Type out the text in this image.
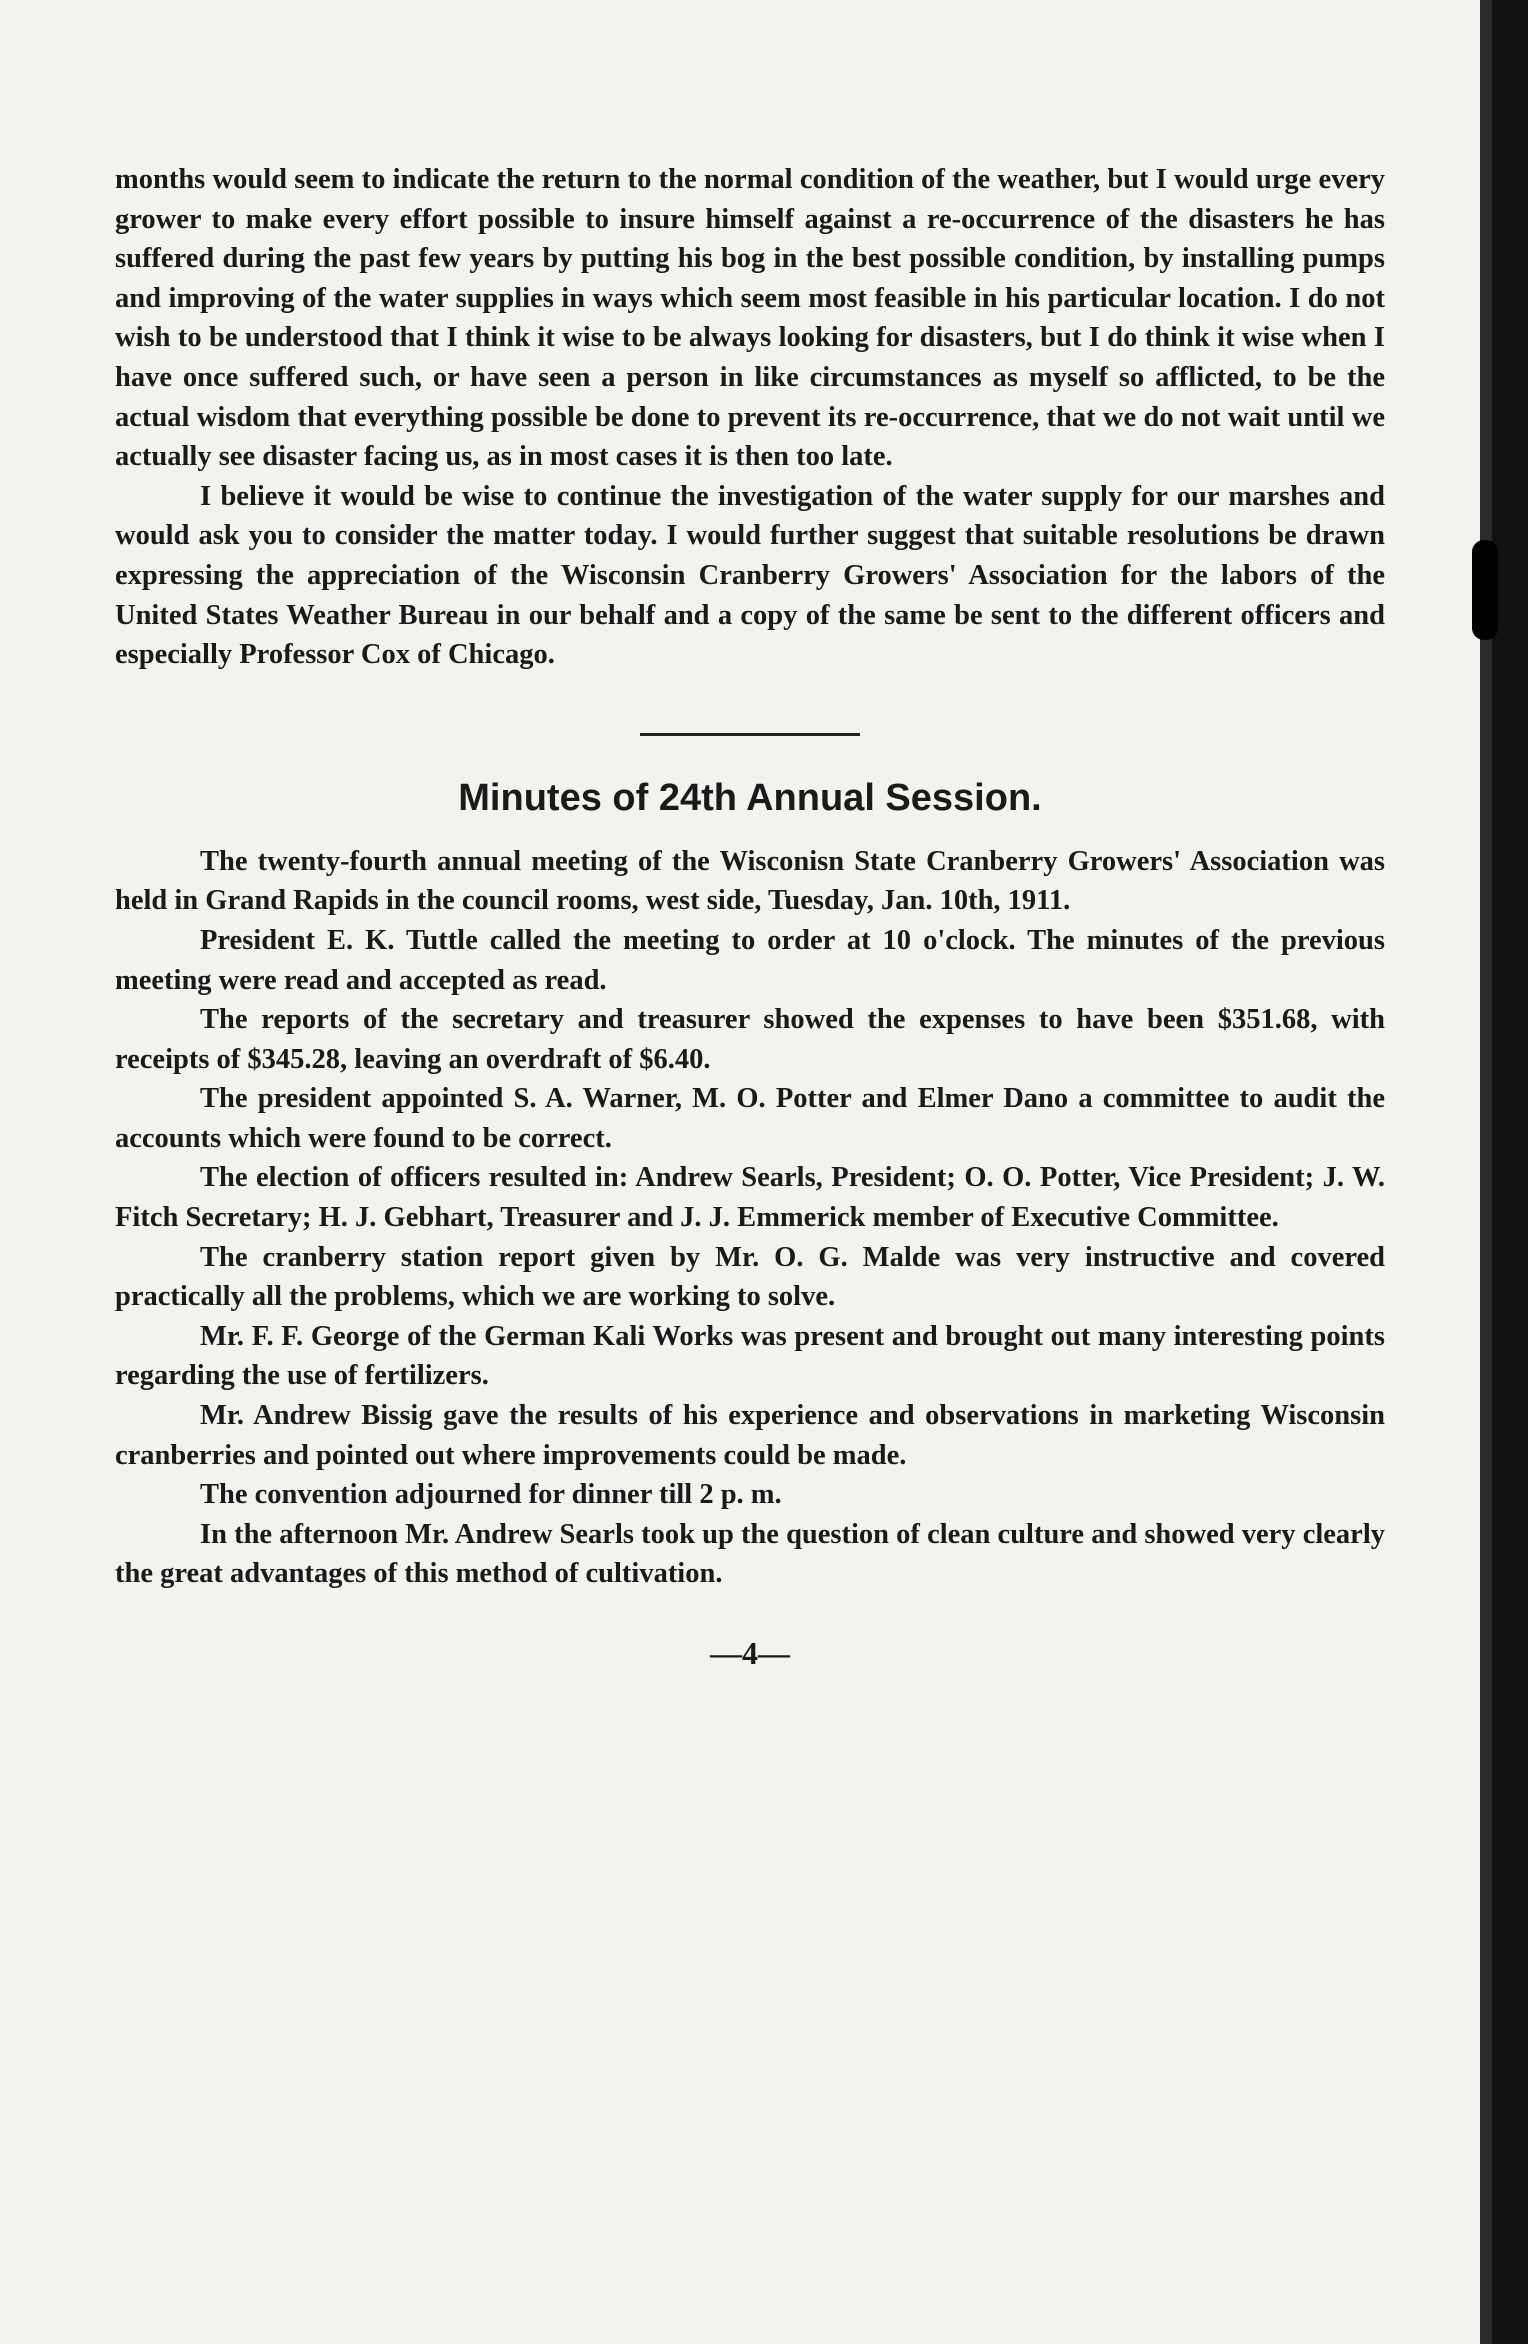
months would seem to indicate the return to the normal condition of the weather, but I would urge every grower to make every effort possible to insure himself against a re-occurrence of the disasters he has suffered during the past few years by putting his bog in the best possible condition, by installing pumps and improving of the water supplies in ways which seem most feasible in his particular location. I do not wish to be understood that I think it wise to be always looking for disasters, but I do think it wise when I have once suffered such, or have seen a person in like circumstances as myself so afflicted, to be the actual wisdom that everything possible be done to prevent its re-occurrence, that we do not wait until we actually see disaster facing us, as in most cases it is then too late.

I believe it would be wise to continue the investigation of the water supply for our marshes and would ask you to consider the matter today. I would further suggest that suitable resolutions be drawn expressing the appreciation of the Wisconsin Cranberry Growers' Association for the labors of the United States Weather Bureau in our behalf and a copy of the same be sent to the different officers and especially Professor Cox of Chicago.

Minutes of 24th Annual Session.

The twenty-fourth annual meeting of the Wisconisn State Cranberry Growers' Association was held in Grand Rapids in the council rooms, west side, Tuesday, Jan. 10th, 1911.

President E. K. Tuttle called the meeting to order at 10 o'clock. The minutes of the previous meeting were read and accepted as read.

The reports of the secretary and treasurer showed the expenses to have been $351.68, with receipts of $345.28, leaving an overdraft of $6.40.

The president appointed S. A. Warner, M. O. Potter and Elmer Dano a committee to audit the accounts which were found to be correct.

The election of officers resulted in: Andrew Searls, President; O. O. Potter, Vice President; J. W. Fitch Secretary; H. J. Gebhart, Treasurer and J. J. Emmerick member of Executive Committee.

The cranberry station report given by Mr. O. G. Malde was very instructive and covered practically all the problems, which we are working to solve.

Mr. F. F. George of the German Kali Works was present and brought out many interesting points regarding the use of fertilizers.

Mr. Andrew Bissig gave the results of his experience and observations in marketing Wisconsin cranberries and pointed out where improvements could be made.

The convention adjourned for dinner till 2 p. m.

In the afternoon Mr. Andrew Searls took up the question of clean culture and showed very clearly the great advantages of this method of cultivation.

—4—
